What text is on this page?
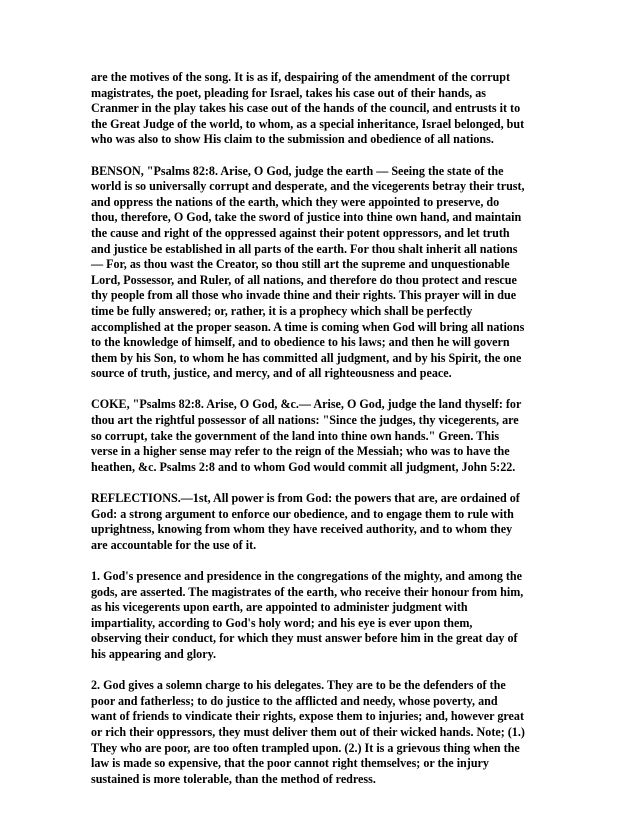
are the motives of the song. It is as if, despairing of the amendment of the corrupt
magistrates, the poet, pleading for Israel, takes his case out of their hands, as
Cranmer in the play takes his case out of the hands of the council, and entrusts it to
the Great Judge of the world, to whom, as a special inheritance, Israel belonged, but
who was also to show His claim to the submission and obedience of all nations.

BENSON, "Psalms 82:8. Arise, O God, judge the earth — Seeing the state of the
world is so universally corrupt and desperate, and the vicegerents betray their trust,
and oppress the nations of the earth, which they were appointed to preserve, do
thou, therefore, O God, take the sword of justice into thine own hand, and maintain
the cause and right of the oppressed against their potent oppressors, and let truth
and justice be established in all parts of the earth. For thou shalt inherit all nations
— For, as thou wast the Creator, so thou still art the supreme and unquestionable
Lord, Possessor, and Ruler, of all nations, and therefore do thou protect and rescue
thy people from all those who invade thine and their rights. This prayer will in due
time be fully answered; or, rather, it is a prophecy which shall be perfectly
accomplished at the proper season. A time is coming when God will bring all nations
to the knowledge of himself, and to obedience to his laws; and then he will govern
them by his Son, to whom he has committed all judgment, and by his Spirit, the one
source of truth, justice, and mercy, and of all righteousness and peace.

COKE, "Psalms 82:8. Arise, O God, &c.— Arise, O God, judge the land thyself: for
thou art the rightful possessor of all nations: "Since the judges, thy vicegerents, are
so corrupt, take the government of the land into thine own hands." Green. This
verse in a higher sense may refer to the reign of the Messiah; who was to have the
heathen, &c. Psalms 2:8 and to whom God would commit all judgment, John 5:22.

REFLECTIONS.—1st, All power is from God: the powers that are, are ordained of
God: a strong argument to enforce our obedience, and to engage them to rule with
uprightness, knowing from whom they have received authority, and to whom they
are accountable for the use of it.

1. God's presence and presidence in the congregations of the mighty, and among the
gods, are asserted. The magistrates of the earth, who receive their honour from him,
as his vicegerents upon earth, are appointed to administer judgment with
impartiality, according to God's holy word; and his eye is ever upon them,
observing their conduct, for which they must answer before him in the great day of
his appearing and glory.

2. God gives a solemn charge to his delegates. They are to be the defenders of the
poor and fatherless; to do justice to the afflicted and needy, whose poverty, and
want of friends to vindicate their rights, expose them to injuries; and, however great
or rich their oppressors, they must deliver them out of their wicked hands. Note; (1.)
They who are poor, are too often trampled upon. (2.) It is a grievous thing when the
law is made so expensive, that the poor cannot right themselves; or the injury
sustained is more tolerable, than the method of redress.
